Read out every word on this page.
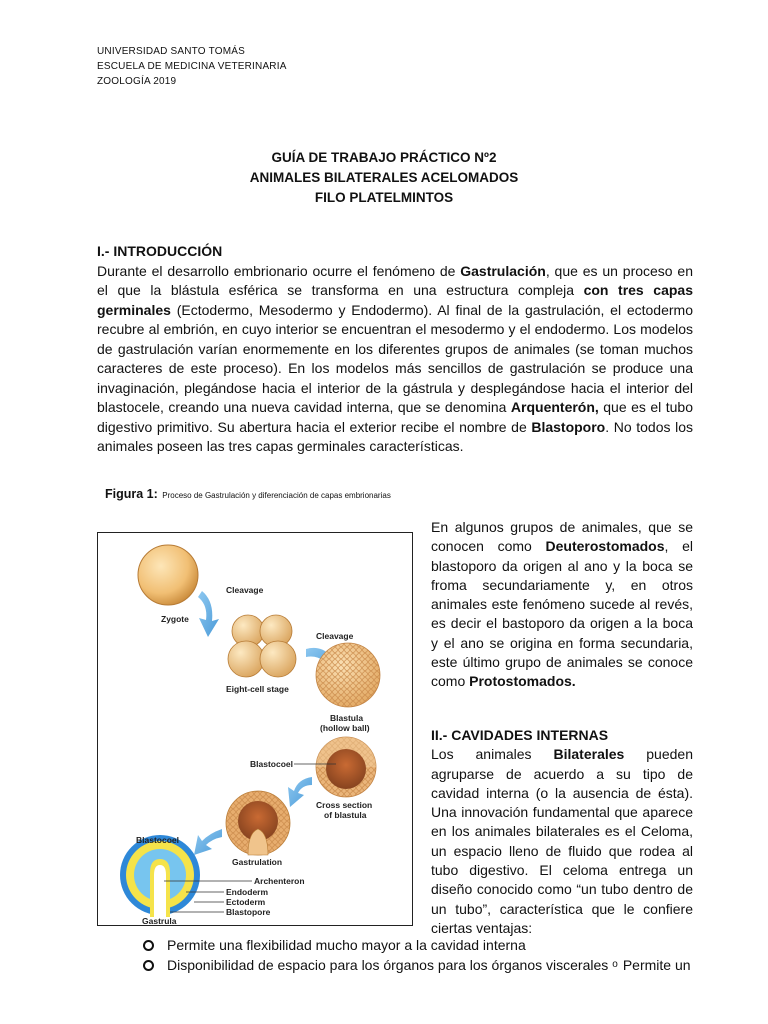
UNIVERSIDAD SANTO TOMÁS
ESCUELA DE MEDICINA VETERINARIA
ZOOLOGÍA 2019
GUÍA DE TRABAJO PRÁCTICO Nº2
ANIMALES BILATERALES ACELOMADOS
FILO PLATELMINTOS
I.- INTRODUCCIÓN

Durante el desarrollo embrionario ocurre el fenómeno de Gastrulación, que es un proceso en el que la blástula esférica se transforma en una estructura compleja con tres capas germinales (Ectodermo, Mesodermo y Endodermo). Al final de la gastrulación, el ectodermo recubre al embrión, en cuyo interior se encuentran el mesodermo y el endodermo. Los modelos de gastrulación varían enormemente en los diferentes grupos de animales (se toman muchos caracteres de este proceso). En los modelos más sencillos de gastrulación se produce una invaginación, plegándose hacia el interior de la gástrula y desplegándose hacia el interior del blastocele, creando una nueva cavidad interna, que se denomina Arquenterón, que es el tubo digestivo primitivo. Su abertura hacia el exterior recibe el nombre de Blastoporo. No todos los animales poseen las tres capas germinales características.

Figura 1: Proceso de Gastrulación y diferenciación de capas embrionarias
Zygote
Cleavage
Eight-cell stage
Cleavage
Blastula
(hollow ball)
Blastocoel
Cross section
of blastula
Gastrulation
Blastocoel
Archenteron
Endoderm
Ectoderm
Blastopore
Gastrula

En algunos grupos de animales, que se conocen como Deuterostomados, el blastoporo da origen al ano y la boca se froma secundariamente y, en otros animales este fenómeno sucede al revés, es decir el bastoporo da origen a la boca y el ano se origina en forma secundaria, este último grupo de animales se conoce como Protostomados.

II.- CAVIDADES INTERNAS

Los animales Bilaterales pueden agruparse de acuerdo a su tipo de cavidad interna (o la ausencia de ésta). Una innovación fundamental que aparece en los animales bilaterales es el Celoma, un espacio lleno de fluido que rodea al tubo digestivo. El celoma entrega un diseño conocido como “un tubo dentro de un tubo”, característica que le confiere ciertas ventajas:

Permite una flexibilidad mucho mayor a la cavidad interna
Disponibilidad de espacio para los órganos para los órganos viscerales o Permite un
